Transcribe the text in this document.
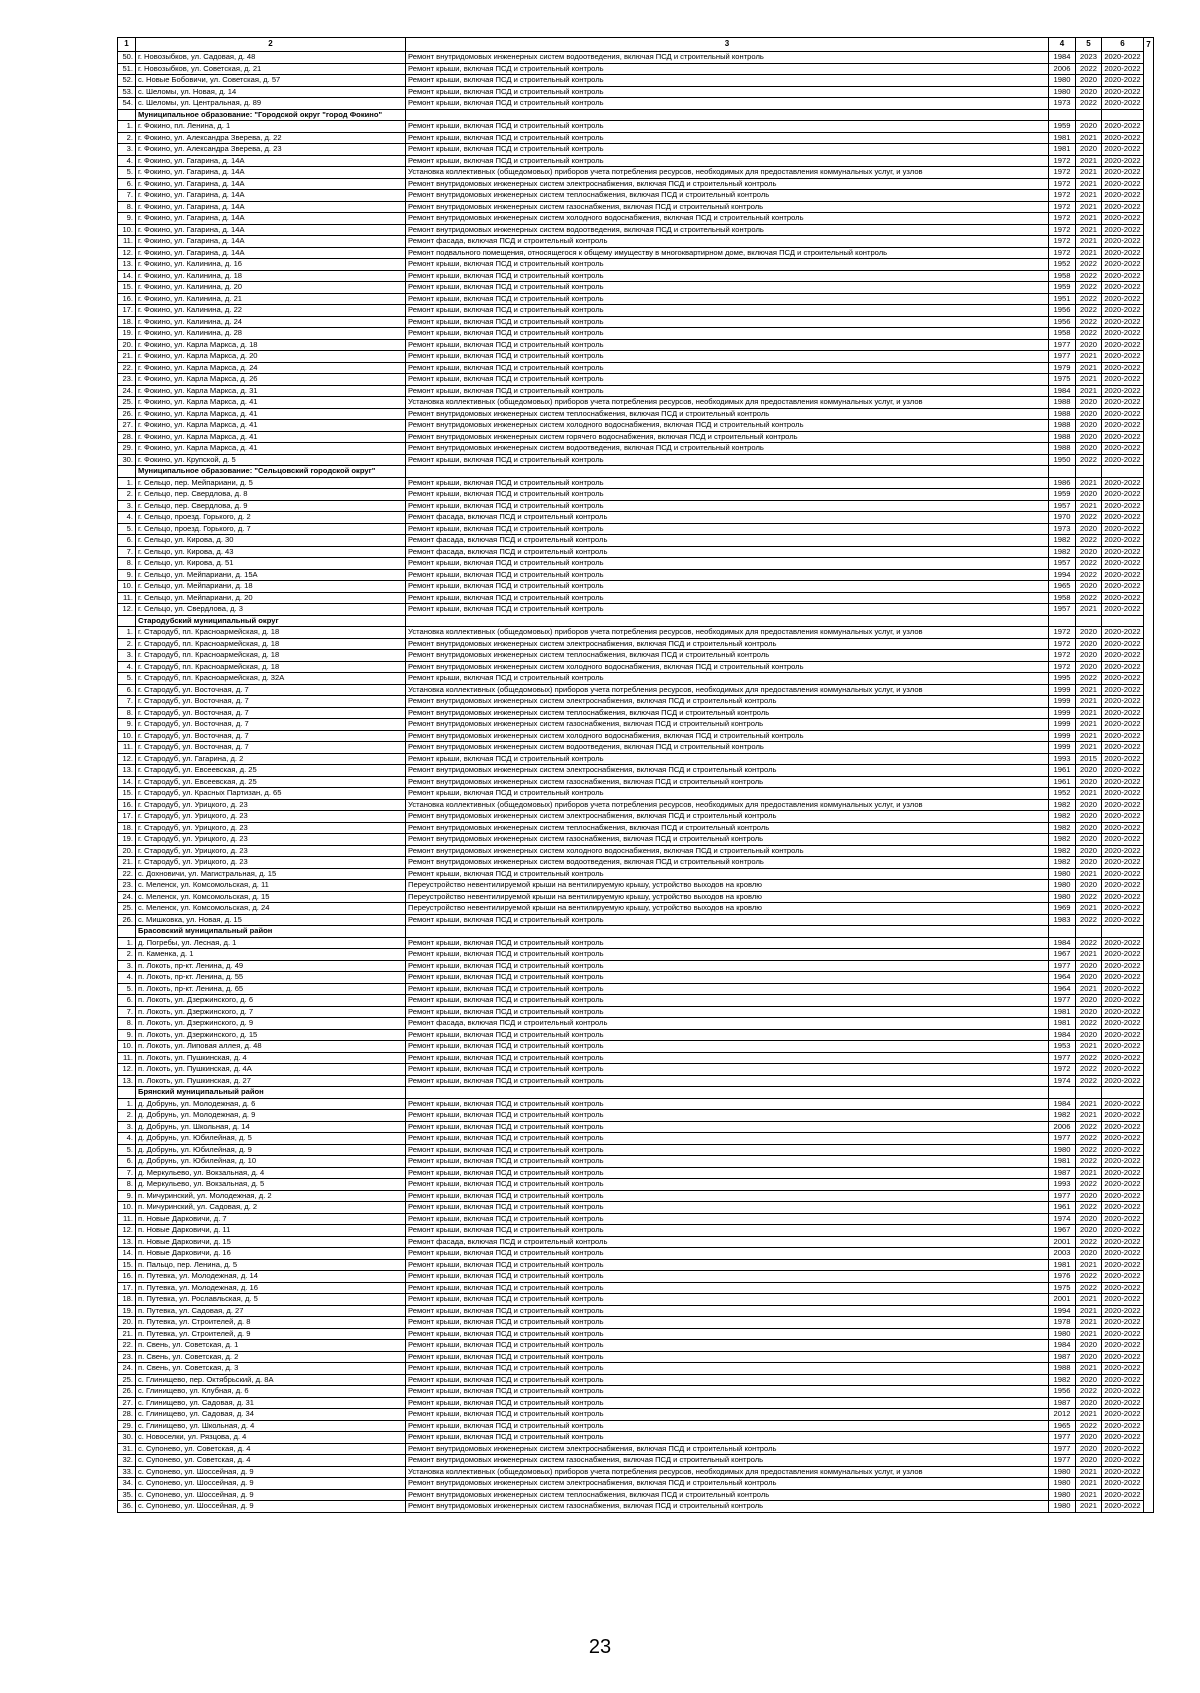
1	2	3	4	5	6	7
50.	г. Новозыбков, ул. Садовая, д. 48	Ремонт внутридомовых инженерных систем водоотведения, включая ПСД и строительный контроль	1984	2023	2020-2022	
51.	г. Новозыбков, ул. Советская, д. 21	Ремонт крыши, включая ПСД и строительный контроль	2006	2022	2020-2022	
52.	с. Новые Бобовичи, ул. Советская, д. 57	Ремонт крыши, включая ПСД и строительный контроль	1980	2020	2020-2022	
53.	с. Шеломы, ул. Новая, д. 14	Ремонт крыши, включая ПСД и строительный контроль	1980	2020	2020-2022	
54.	с. Шеломы, ул. Центральная, д. 89	Ремонт крыши, включая ПСД и строительный контроль	1973	2022	2020-2022	
	Муниципальное образование: "Городской округ "город Фокино"					
1.	г. Фокино, пл. Ленина, д. 1	Ремонт крыши, включая ПСД и строительный контроль	1959	2020	2020-2022	
2.	г. Фокино, ул. Александра Зверева, д. 22	Ремонт крыши, включая ПСД и строительный контроль	1981	2021	2020-2022	
3.	г. Фокино, ул. Александра Зверева, д. 23	Ремонт крыши, включая ПСД и строительный контроль	1981	2020	2020-2022	
4.	г. Фокино, ул. Гагарина, д. 14А	Ремонт крыши, включая ПСД и строительный контроль	1972	2021	2020-2022	
5.	г. Фокино, ул. Гагарина, д. 14А	Установка коллективных (общедомовых) приборов учета потребления ресурсов, необходимых для предоставления коммунальных услуг, и узлов	1972	2021	2020-2022	
6.	г. Фокино, ул. Гагарина, д. 14А	Ремонт внутридомовых инженерных систем электроснабжения, включая ПСД и строительный контроль	1972	2021	2020-2022	
7.	г. Фокино, ул. Гагарина, д. 14А	Ремонт внутридомовых инженерных систем теплоснабжения, включая ПСД и строительный контроль	1972	2021	2020-2022	
8.	г. Фокино, ул. Гагарина, д. 14А	Ремонт внутридомовых инженерных систем газоснабжения, включая ПСД и строительный контроль	1972	2021	2020-2022	
9.	г. Фокино, ул. Гагарина, д. 14А	Ремонт внутридомовых инженерных систем холодного водоснабжения, включая ПСД и строительный контроль	1972	2021	2020-2022	
10.	г. Фокино, ул. Гагарина, д. 14А	Ремонт внутридомовых инженерных систем водоотведения, включая ПСД и строительный контроль	1972	2021	2020-2022	
11.	г. Фокино, ул. Гагарина, д. 14А	Ремонт фасада, включая ПСД и строительный контроль	1972	2021	2020-2022	
12.	г. Фокино, ул. Гагарина, д. 14А	Ремонт подвального помещения, относящегося к общему имуществу в многоквартирном доме, включая ПСД и строительный контроль	1972	2021	2020-2022	
13.	г. Фокино, ул. Калинина, д. 16	Ремонт крыши, включая ПСД и строительный контроль	1952	2022	2020-2022	
14.	г. Фокино, ул. Калинина, д. 18	Ремонт крыши, включая ПСД и строительный контроль	1958	2022	2020-2022	
15.	г. Фокино, ул. Калинина, д. 20	Ремонт крыши, включая ПСД и строительный контроль	1959	2022	2020-2022	
16.	г. Фокино, ул. Калинина, д. 21	Ремонт крыши, включая ПСД и строительный контроль	1951	2022	2020-2022	
17.	г. Фокино, ул. Калинина, д. 22	Ремонт крыши, включая ПСД и строительный контроль	1956	2022	2020-2022	
18.	г. Фокино, ул. Калинина, д. 24	Ремонт крыши, включая ПСД и строительный контроль	1956	2022	2020-2022	
19.	г. Фокино, ул. Калинина, д. 28	Ремонт крыши, включая ПСД и строительный контроль	1958	2022	2020-2022	
20.	г. Фокино, ул. Карла Маркса, д. 18	Ремонт крыши, включая ПСД и строительный контроль	1977	2020	2020-2022	
21.	г. Фокино, ул. Карла Маркса, д. 20	Ремонт крыши, включая ПСД и строительный контроль	1977	2021	2020-2022	
22.	г. Фокино, ул. Карла Маркса, д. 24	Ремонт крыши, включая ПСД и строительный контроль	1979	2021	2020-2022	
23.	г. Фокино, ул. Карла Маркса, д. 26	Ремонт крыши, включая ПСД и строительный контроль	1975	2021	2020-2022	
24.	г. Фокино, ул. Карла Маркса, д. 31	Ремонт крыши, включая ПСД и строительный контроль	1984	2021	2020-2022	
25.	г. Фокино, ул. Карла Маркса, д. 41	Установка коллективных (общедомовых) приборов учета потребления ресурсов, необходимых для предоставления коммунальных услуг, и узлов	1988	2020	2020-2022	
26.	г. Фокино, ул. Карла Маркса, д. 41	Ремонт внутридомовых инженерных систем теплоснабжения, включая ПСД и строительный контроль	1988	2020	2020-2022	
27.	г. Фокино, ул. Карла Маркса, д. 41	Ремонт внутридомовых инженерных систем холодного водоснабжения, включая ПСД и строительный контроль	1988	2020	2020-2022	
28.	г. Фокино, ул. Карла Маркса, д. 41	Ремонт внутридомовых инженерных систем горячего водоснабжения, включая ПСД и строительный контроль	1988	2020	2020-2022	
29.	г. Фокино, ул. Карла Маркса, д. 41	Ремонт внутридомовых инженерных систем водоотведения, включая ПСД и строительный контроль	1988	2020	2020-2022	
30.	г. Фокино, ул. Крупской, д. 5	Ремонт крыши, включая ПСД и строительный контроль	1950	2022	2020-2022	
	Муниципальное образование: "Сельцовский городской округ"					
1.	г. Сельцо, пер. Мейпариани, д. 5	Ремонт крыши, включая ПСД и строительный контроль	1986	2021	2020-2022	
2.	г. Сельцо, пер. Свердлова, д. 8	Ремонт крыши, включая ПСД и строительный контроль	1959	2020	2020-2022	
3.	г. Сельцо, пер. Свердлова, д. 9	Ремонт крыши, включая ПСД и строительный контроль	1957	2021	2020-2022	
4.	г. Сельцо, проезд. Горького, д. 2	Ремонт фасада, включая ПСД и строительный контроль	1970	2022	2020-2022	
5.	г. Сельцо, проезд. Горького, д. 7	Ремонт крыши, включая ПСД и строительный контроль	1973	2020	2020-2022	
6.	г. Сельцо, ул. Кирова, д. 30	Ремонт фасада, включая ПСД и строительный контроль	1982	2022	2020-2022	
7.	г. Сельцо, ул. Кирова, д. 43	Ремонт фасада, включая ПСД и строительный контроль	1982	2020	2020-2022	
8.	г. Сельцо, ул. Кирова, д. 51	Ремонт крыши, включая ПСД и строительный контроль	1957	2022	2020-2022	
9.	г. Сельцо, ул. Мейпариани, д. 15А	Ремонт крыши, включая ПСД и строительный контроль	1994	2022	2020-2022	
10.	г. Сельцо, ул. Мейпариани, д. 18	Ремонт крыши, включая ПСД и строительный контроль	1965	2020	2020-2022	
11.	г. Сельцо, ул. Мейпариани, д. 20	Ремонт крыши, включая ПСД и строительный контроль	1958	2022	2020-2022	
12.	г. Сельцо, ул. Свердлова, д. 3	Ремонт крыши, включая ПСД и строительный контроль	1957	2021	2020-2022	
	Стародубский муниципальный округ					
1.	г. Стародуб, пл. Красноармейская, д. 18	Установка коллективных (общедомовых) приборов учета потребления ресурсов, необходимых для предоставления коммунальных услуг, и узлов	1972	2020	2020-2022	
2.	г. Стародуб, пл. Красноармейская, д. 18	Ремонт внутридомовых инженерных систем электроснабжения, включая ПСД и строительный контроль	1972	2020	2020-2022	
3.	г. Стародуб, пл. Красноармейская, д. 18	Ремонт внутридомовых инженерных систем теплоснабжения, включая ПСД и строительный контроль	1972	2020	2020-2022	
4.	г. Стародуб, пл. Красноармейская, д. 18	Ремонт внутридомовых инженерных систем холодного водоснабжения, включая ПСД и строительный контроль	1972	2020	2020-2022	
5.	г. Стародуб, пл. Красноармейская, д. 32А	Ремонт крыши, включая ПСД и строительный контроль	1995	2022	2020-2022	
6.	г. Стародуб, ул. Восточная, д. 7	Установка коллективных (общедомовых) приборов учета потребления ресурсов, необходимых для предоставления коммунальных услуг, и узлов	1999	2021	2020-2022	
7.	г. Стародуб, ул. Восточная, д. 7	Ремонт внутридомовых инженерных систем электроснабжения, включая ПСД и строительный контроль	1999	2021	2020-2022	
8.	г. Стародуб, ул. Восточная, д. 7	Ремонт внутридомовых инженерных систем теплоснабжения, включая ПСД и строительный контроль	1999	2021	2020-2022	
9.	г. Стародуб, ул. Восточная, д. 7	Ремонт внутридомовых инженерных систем газоснабжения, включая ПСД и строительный контроль	1999	2021	2020-2022	
10.	г. Стародуб, ул. Восточная, д. 7	Ремонт внутридомовых инженерных систем холодного водоснабжения, включая ПСД и строительный контроль	1999	2021	2020-2022	
11.	г. Стародуб, ул. Восточная, д. 7	Ремонт внутридомовых инженерных систем водоотведения, включая ПСД и строительный контроль	1999	2021	2020-2022	
12.	г. Стародуб, ул. Гагарина, д. 2	Ремонт крыши, включая ПСД и строительный контроль	1993	2015	2020-2022	
13.	г. Стародуб, ул. Евсеевская, д. 25	Ремонт внутридомовых инженерных систем электроснабжения, включая ПСД и строительный контроль	1961	2020	2020-2022	
14.	г. Стародуб, ул. Евсеевская, д. 25	Ремонт внутридомовых инженерных систем газоснабжения, включая ПСД и строительный контроль	1961	2020	2020-2022	
15.	г. Стародуб, ул. Красных Партизан, д. 65	Ремонт крыши, включая ПСД и строительный контроль	1952	2021	2020-2022	
16.	г. Стародуб, ул. Урицкого, д. 23	Установка коллективных (общедомовых) приборов учета потребления ресурсов, необходимых для предоставления коммунальных услуг, и узлов	1982	2020	2020-2022	
17.	г. Стародуб, ул. Урицкого, д. 23	Ремонт внутридомовых инженерных систем электроснабжения, включая ПСД и строительный контроль	1982	2020	2020-2022	
18.	г. Стародуб, ул. Урицкого, д. 23	Ремонт внутридомовых инженерных систем теплоснабжения, включая ПСД и строительный контроль	1982	2020	2020-2022	
19.	г. Стародуб, ул. Урицкого, д. 23	Ремонт внутридомовых инженерных систем газоснабжения, включая ПСД и строительный контроль	1982	2020	2020-2022	
20.	г. Стародуб, ул. Урицкого, д. 23	Ремонт внутридомовых инженерных систем холодного водоснабжения, включая ПСД и строительный контроль	1982	2020	2020-2022	
21.	г. Стародуб, ул. Урицкого, д. 23	Ремонт внутридомовых инженерных систем водоотведения, включая ПСД и строительный контроль	1982	2020	2020-2022	
22.	с. Дохновичи, ул. Магистральная, д. 15	Ремонт крыши, включая ПСД и строительный контроль	1980	2021	2020-2022	
23.	с. Меленск, ул. Комсомольская, д. 11	Переустройство невентилируемой крыши на вентилируемую крышу, устройство выходов на кровлю	1980	2020	2020-2022	
24.	с. Меленск, ул. Комсомольская, д. 15	Переустройство невентилируемой крыши на вентилируемую крышу, устройство выходов на кровлю	1980	2022	2020-2022	
25.	с. Меленск, ул. Комсомольская, д. 24	Переустройство невентилируемой крыши на вентилируемую крышу, устройство выходов на кровлю	1969	2021	2020-2022	
26.	с. Мишковка, ул. Новая, д. 15	Ремонт крыши, включая ПСД и строительный контроль	1983	2022	2020-2022	
	Брасовский муниципальный район					
1.	д. Погребы, ул. Лесная, д. 1	Ремонт крыши, включая ПСД и строительный контроль	1984	2022	2020-2022	
2.	п. Каменка, д. 1	Ремонт крыши, включая ПСД и строительный контроль	1967	2021	2020-2022	
3.	п. Локоть, пр-кт. Ленина, д. 49	Ремонт крыши, включая ПСД и строительный контроль	1977	2020	2020-2022	
4.	п. Локоть, пр-кт. Ленина, д. 55	Ремонт крыши, включая ПСД и строительный контроль	1964	2020	2020-2022	
5.	п. Локоть, пр-кт. Ленина, д. 65	Ремонт крыши, включая ПСД и строительный контроль	1964	2021	2020-2022	
6.	п. Локоть, ул. Дзержинского, д. 6	Ремонт крыши, включая ПСД и строительный контроль	1977	2020	2020-2022	
7.	п. Локоть, ул. Дзержинского, д. 7	Ремонт крыши, включая ПСД и строительный контроль	1981	2020	2020-2022	
8.	п. Локоть, ул. Дзержинского, д. 9	Ремонт фасада, включая ПСД и строительный контроль	1981	2022	2020-2022	
9.	п. Локоть, ул. Дзержинского, д. 15	Ремонт крыши, включая ПСД и строительный контроль	1984	2020	2020-2022	
10.	п. Локоть, ул. Липовая аллея, д. 48	Ремонт крыши, включая ПСД и строительный контроль	1953	2021	2020-2022	
11.	п. Локоть, ул. Пушкинская, д. 4	Ремонт крыши, включая ПСД и строительный контроль	1977	2022	2020-2022	
12.	п. Локоть, ул. Пушкинская, д. 4А	Ремонт крыши, включая ПСД и строительный контроль	1972	2022	2020-2022	
13.	п. Локоть, ул. Пушкинская, д. 27	Ремонт крыши, включая ПСД и строительный контроль	1974	2022	2020-2022	
	Брянский муниципальный район					
1.	д. Добрунь, ул. Молодежная, д. 6	Ремонт крыши, включая ПСД и строительный контроль	1984	2021	2020-2022	
2.	д. Добрунь, ул. Молодежная, д. 9	Ремонт крыши, включая ПСД и строительный контроль	1982	2021	2020-2022	
3.	д. Добрунь, ул. Школьная, д. 14	Ремонт крыши, включая ПСД и строительный контроль	2006	2022	2020-2022	
4.	д. Добрунь, ул. Юбилейная, д. 5	Ремонт крыши, включая ПСД и строительный контроль	1977	2022	2020-2022	
5.	д. Добрунь, ул. Юбилейная, д. 9	Ремонт крыши, включая ПСД и строительный контроль	1980	2022	2020-2022	
6.	д. Добрунь, ул. Юбилейная, д. 10	Ремонт крыши, включая ПСД и строительный контроль	1981	2022	2020-2022	
7.	д. Меркульево, ул. Вокзальная, д. 4	Ремонт крыши, включая ПСД и строительный контроль	1987	2021	2020-2022	
8.	д. Меркульево, ул. Вокзальная, д. 5	Ремонт крыши, включая ПСД и строительный контроль	1993	2022	2020-2022	
9.	п. Мичуринский, ул. Молодежная, д. 2	Ремонт крыши, включая ПСД и строительный контроль	1977	2020	2020-2022	
10.	п. Мичуринский, ул. Садовая, д. 2	Ремонт крыши, включая ПСД и строительный контроль	1961	2022	2020-2022	
11.	п. Новые Дарковичи, д. 7	Ремонт крыши, включая ПСД и строительный контроль	1974	2020	2020-2022	
12.	п. Новые Дарковичи, д. 11	Ремонт крыши, включая ПСД и строительный контроль	1967	2020	2020-2022	
13.	п. Новые Дарковичи, д. 15	Ремонт фасада, включая ПСД и строительный контроль	2001	2022	2020-2022	
14.	п. Новые Дарковичи, д. 16	Ремонт крыши, включая ПСД и строительный контроль	2003	2020	2020-2022	
15.	п. Пальцо, пер. Ленина, д. 5	Ремонт крыши, включая ПСД и строительный контроль	1981	2021	2020-2022	
16.	п. Путевка, ул. Молодежная, д. 14	Ремонт крыши, включая ПСД и строительный контроль	1976	2022	2020-2022	
17.	п. Путевка, ул. Молодежная, д. 16	Ремонт крыши, включая ПСД и строительный контроль	1975	2022	2020-2022	
18.	п. Путевка, ул. Рославльская, д. 5	Ремонт крыши, включая ПСД и строительный контроль	2001	2021	2020-2022	
19.	п. Путевка, ул. Садовая, д. 27	Ремонт крыши, включая ПСД и строительный контроль	1994	2021	2020-2022	
20.	п. Путевка, ул. Строителей, д. 8	Ремонт крыши, включая ПСД и строительный контроль	1978	2021	2020-2022	
21.	п. Путевка, ул. Строителей, д. 9	Ремонт крыши, включая ПСД и строительный контроль	1980	2021	2020-2022	
22.	п. Свень, ул. Советская, д. 1	Ремонт крыши, включая ПСД и строительный контроль	1984	2020	2020-2022	
23.	п. Свень, ул. Советская, д. 2	Ремонт крыши, включая ПСД и строительный контроль	1987	2020	2020-2022	
24.	п. Свень, ул. Советская, д. 3	Ремонт крыши, включая ПСД и строительный контроль	1988	2021	2020-2022	
25.	с. Глинищево, пер. Октябрьский, д. 8А	Ремонт крыши, включая ПСД и строительный контроль	1982	2020	2020-2022	
26.	с. Глинищево, ул. Клубная, д. 6	Ремонт крыши, включая ПСД и строительный контроль	1956	2022	2020-2022	
27.	с. Глинищево, ул. Садовая, д. 31	Ремонт крыши, включая ПСД и строительный контроль	1987	2020	2020-2022	
28.	с. Глинищево, ул. Садовая, д. 34	Ремонт крыши, включая ПСД и строительный контроль	2012	2021	2020-2022	
29.	с. Глинищево, ул. Школьная, д. 4	Ремонт крыши, включая ПСД и строительный контроль	1965	2022	2020-2022	
30.	с. Новоселки, ул. Рязцова, д. 4	Ремонт крыши, включая ПСД и строительный контроль	1977	2020	2020-2022	
31.	с. Супонево, ул. Советская, д. 4	Ремонт внутридомовых инженерных систем электроснабжения, включая ПСД и строительный контроль	1977	2020	2020-2022	
32.	с. Супонево, ул. Советская, д. 4	Ремонт внутридомовых инженерных систем газоснабжения, включая ПСД и строительный контроль	1977	2020	2020-2022	
33.	с. Супонево, ул. Шоссейная, д. 9	Установка коллективных (общедомовых) приборов учета потребления ресурсов, необходимых для предоставления коммунальных услуг, и узлов	1980	2021	2020-2022	
34.	с. Супонево, ул. Шоссейная, д. 9	Ремонт внутридомовых инженерных систем электроснабжения, включая ПСД и строительный контроль	1980	2021	2020-2022	
35.	с. Супонево, ул. Шоссейная, д. 9	Ремонт внутридомовых инженерных систем теплоснабжения, включая ПСД и строительный контроль	1980	2021	2020-2022	
36.	с. Супонево, ул. Шоссейная, д. 9	Ремонт внутридомовых инженерных систем газоснабжения, включая ПСД и строительный контроль	1980	2021	2020-2022	
23
